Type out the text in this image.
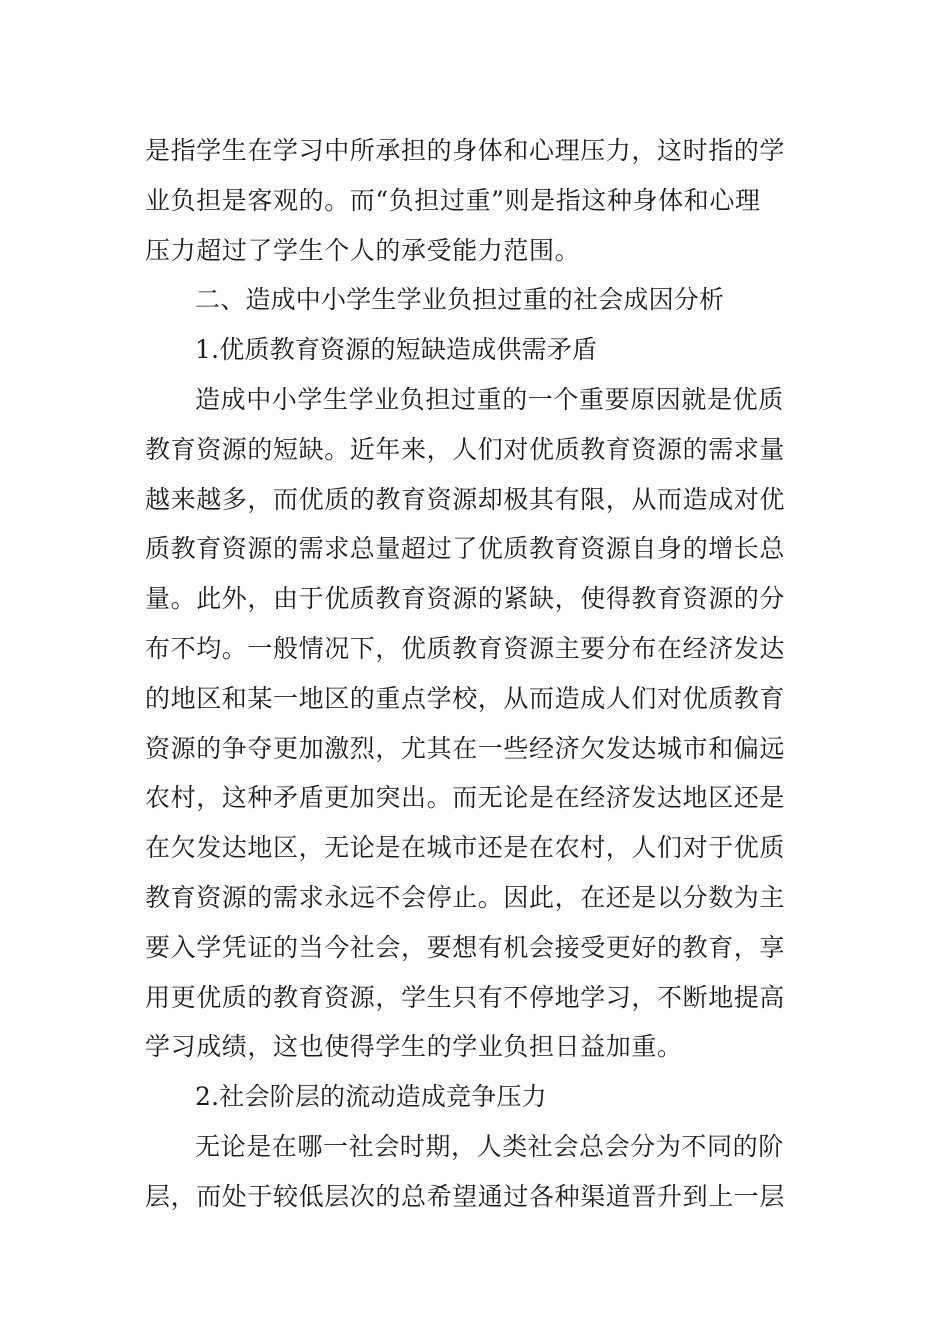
是指学生在学习中所承担的身体和心理压力，这时指的学
业负担是客观的。而“负担过重”则是指这种身体和心理
压力超过了学生个人的承受能力范围。
二、造成中小学生学业负担过重的社会成因分析
1.优质教育资源的短缺造成供需矛盾
造成中小学生学业负担过重的一个重要原因就是优质
教育资源的短缺。近年来，人们对优质教育资源的需求量
越来越多，而优质的教育资源却极其有限，从而造成对优
质教育资源的需求总量超过了优质教育资源自身的增长总
量。此外，由于优质教育资源的紧缺，使得教育资源的分
布不均。一般情况下，优质教育资源主要分布在经济发达
的地区和某一地区的重点学校，从而造成人们对优质教育
资源的争夺更加激烈，尤其在一些经济欠发达城市和偏远
农村，这种矛盾更加突出。而无论是在经济发达地区还是
在欠发达地区，无论是在城市还是在农村，人们对于优质
教育资源的需求永远不会停止。因此，在还是以分数为主
要入学凭证的当今社会，要想有机会接受更好的教育，享
用更优质的教育资源，学生只有不停地学习，不断地提高
学习成绩，这也使得学生的学业负担日益加重。
2.社会阶层的流动造成竞争压力
无论是在哪一社会时期，人类社会总会分为不同的阶
层，而处于较低层次的总希望通过各种渠道晋升到上一层
